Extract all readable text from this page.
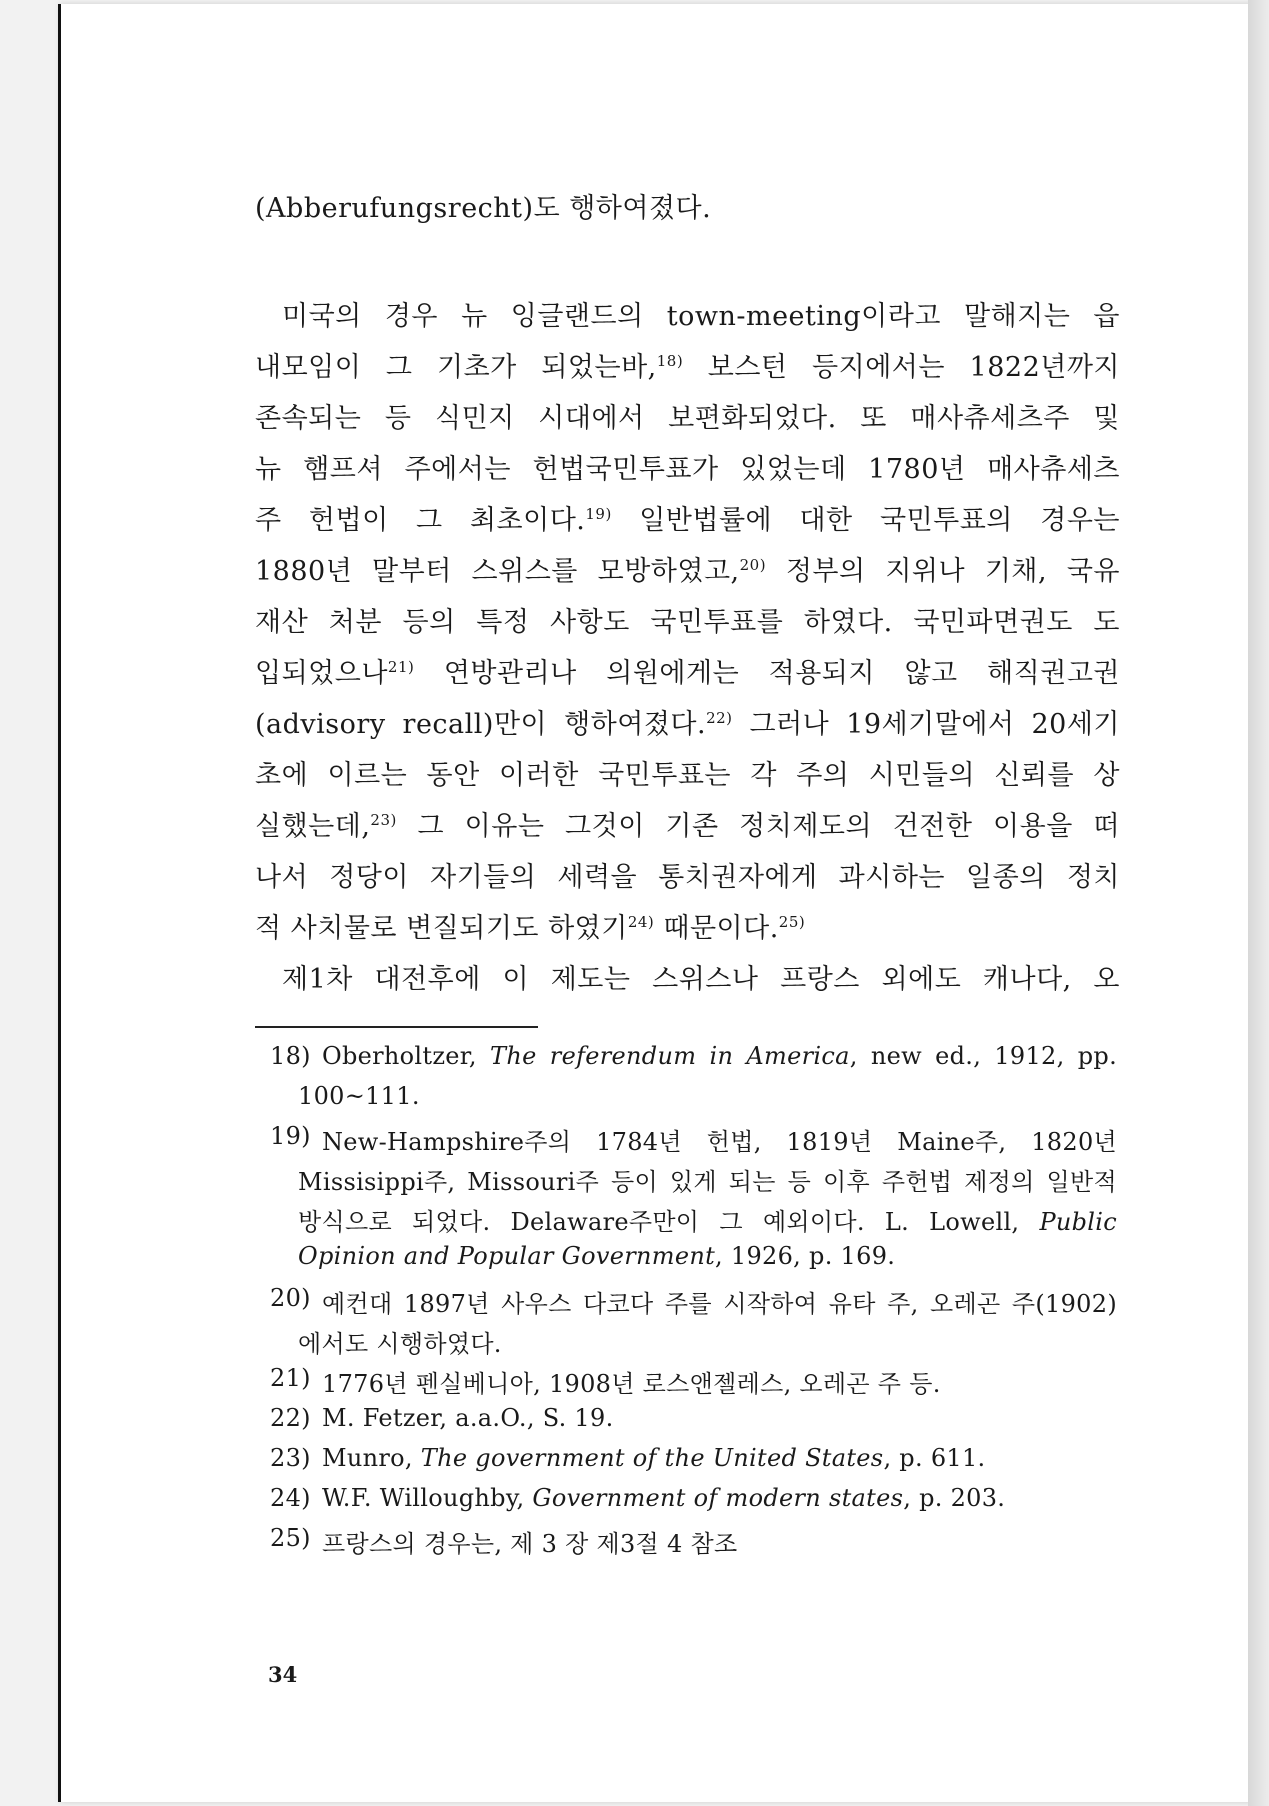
(Abberufungsrecht)도 행하여졌다.
미국의 경우 뉴 잉글랜드의 town-meeting이라고 말해지는 읍
내모임이 그 기초가 되었는바,$^{18)}$ 보스턴 등지에서는 1822년까지
존속되는 등 식민지 시대에서 보편화되었다. 또 매사츄세츠주 및
뉴 햄프셔 주에서는 헌법국민투표가 있었는데 1780년 매사츄세츠
주 헌법이 그 최초이다.$^{19)}$ 일반법률에 대한 국민투표의 경우는
1880년 말부터 스위스를 모방하였고,$^{20)}$ 정부의 지위나 기채, 국유
재산 처분 등의 특정 사항도 국민투표를 하였다. 국민파면권도 도
입되었으나$^{21)}$ 연방관리나 의원에게는 적용되지 않고 해직권고권
(advisory recall)만이 행하여졌다.$^{22)}$ 그러나 19세기말에서 20세기
초에 이르는 동안 이러한 국민투표는 각 주의 시민들의 신뢰를 상
실했는데,$^{23)}$ 그 이유는 그것이 기존 정치제도의 건전한 이용을 떠
나서 정당이 자기들의 세력을 통치권자에게 과시하는 일종의 정치
적 사치물로 변질되기도 하였기$^{24)}$ 때문이다.$^{25)}$
제1차 대전후에 이 제도는 스위스나 프랑스 외에도 캐나다, 오
18) Oberholtzer, The referendum in America, new ed., 1912, pp.
100~111.
19) New-Hampshire주의 1784년 헌법, 1819년 Maine주, 1820년
Missisippi주, Missouri주 등이 있게 되는 등 이후 주헌법 제정의 일반적
방식으로 되었다. Delaware주만이 그 예외이다. L. Lowell, Public
Opinion and Popular Government, 1926, p. 169.
20) 예컨대 1897년 사우스 다코다 주를 시작하여 유타 주, 오레곤 주(1902)
에서도 시행하였다.
21) 1776년 펜실베니아, 1908년 로스앤젤레스, 오레곤 주 등.
22) M. Fetzer, a.a.O., S. 19.
23) Munro, The government of the United States, p. 611.
24) W.F. Willoughby, Government of modern states, p. 203.
25) 프랑스의 경우는, 제 3 장 제3절 4 참조
34
